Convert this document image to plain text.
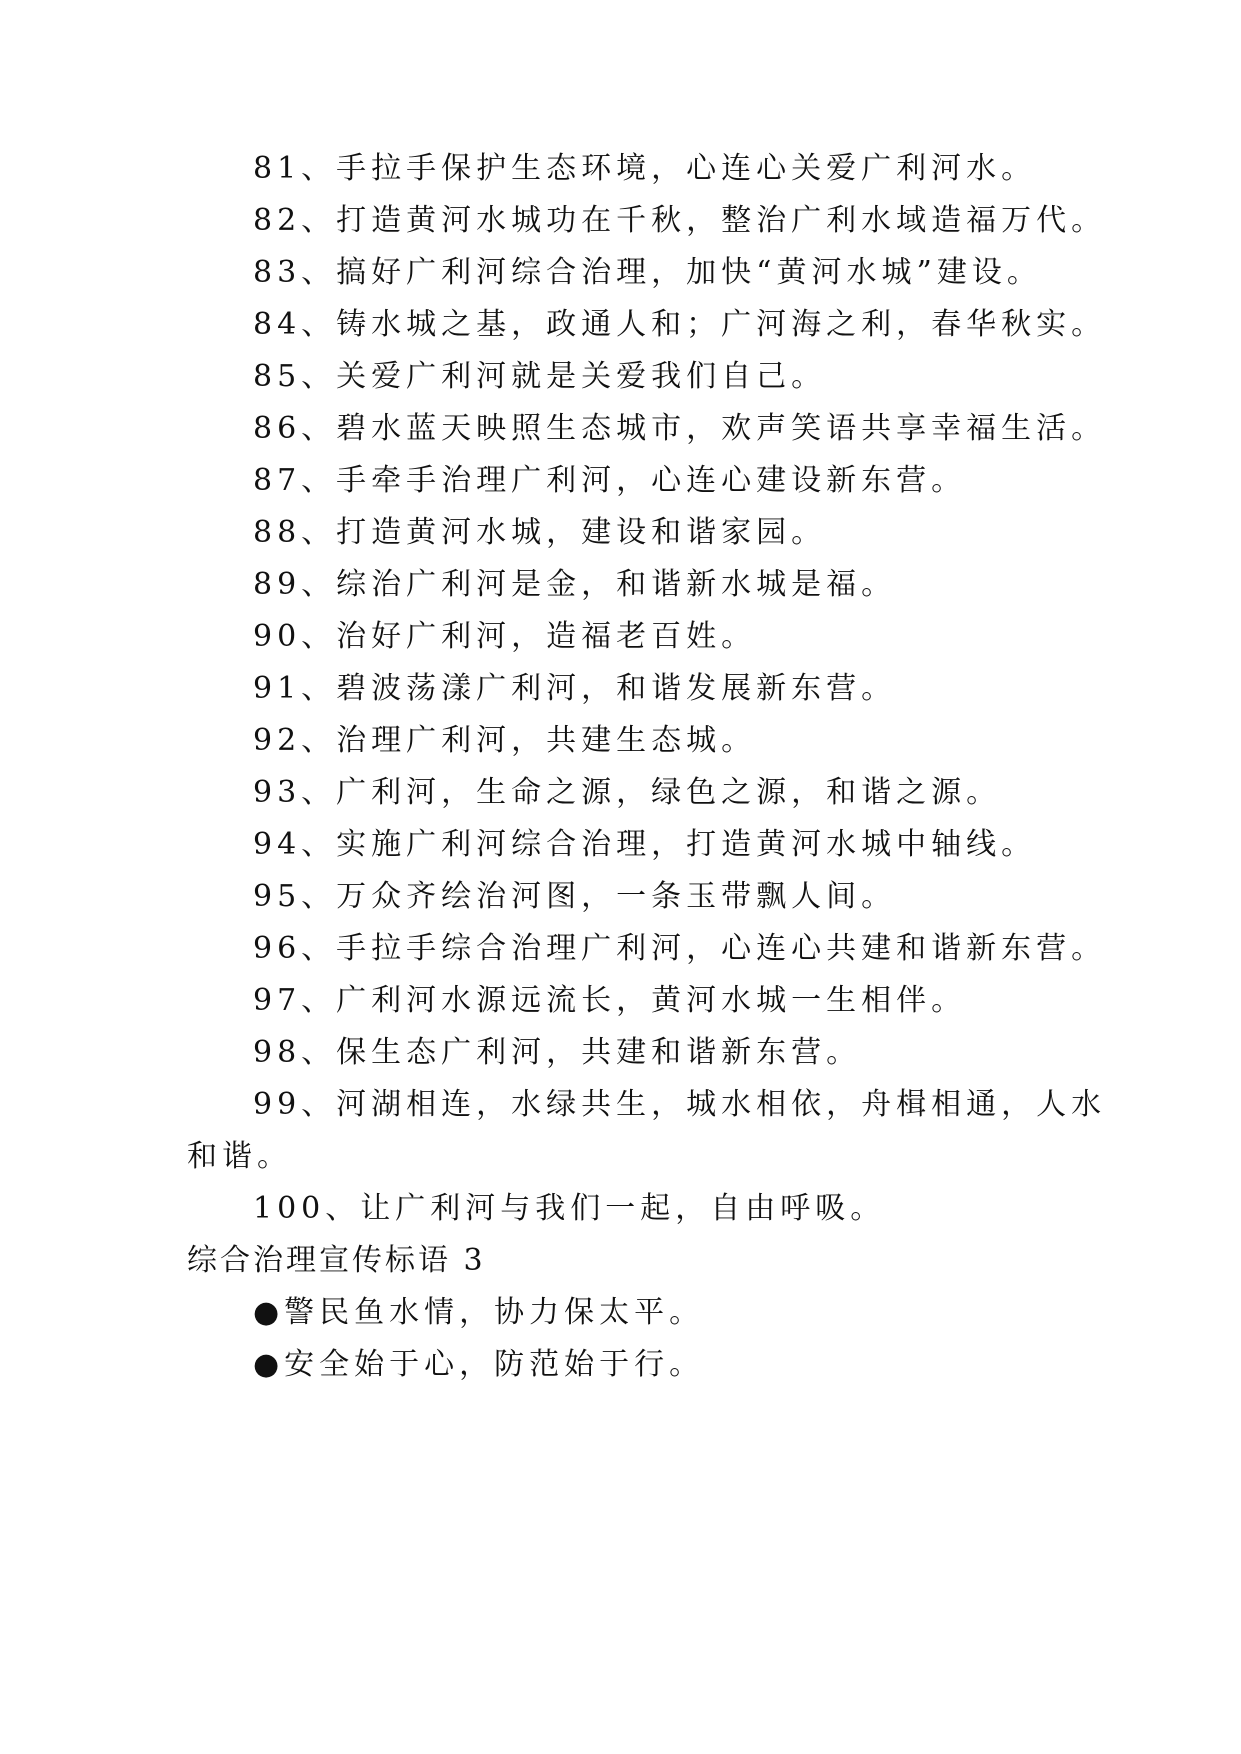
81、手拉手保护生态环境，心连心关爱广利河水。
82、打造黄河水城功在千秋，整治广利水域造福万代。
83、搞好广利河综合治理，加快“黄河水城”建设。
84、铸水城之基，政通人和；广河海之利，春华秋实。
85、关爱广利河就是关爱我们自己。
86、碧水蓝天映照生态城市，欢声笑语共享幸福生活。
87、手牵手治理广利河，心连心建设新东营。
88、打造黄河水城，建设和谐家园。
89、综治广利河是金，和谐新水城是福。
90、治好广利河，造福老百姓。
91、碧波荡漾广利河，和谐发展新东营。
92、治理广利河，共建生态城。
93、广利河，生命之源，绿色之源，和谐之源。
94、实施广利河综合治理，打造黄河水城中轴线。
95、万众齐绘治河图，一条玉带飘人间。
96、手拉手综合治理广利河，心连心共建和谐新东营。
97、广利河水源远流长，黄河水城一生相伴。
98、保生态广利河，共建和谐新东营。
99、河湖相连，水绿共生，城水相依，舟楫相通，人水
和谐。
100、让广利河与我们一起，自由呼吸。
综合治理宣传标语 3
●警民鱼水情，协力保太平。
●安全始于心，防范始于行。
